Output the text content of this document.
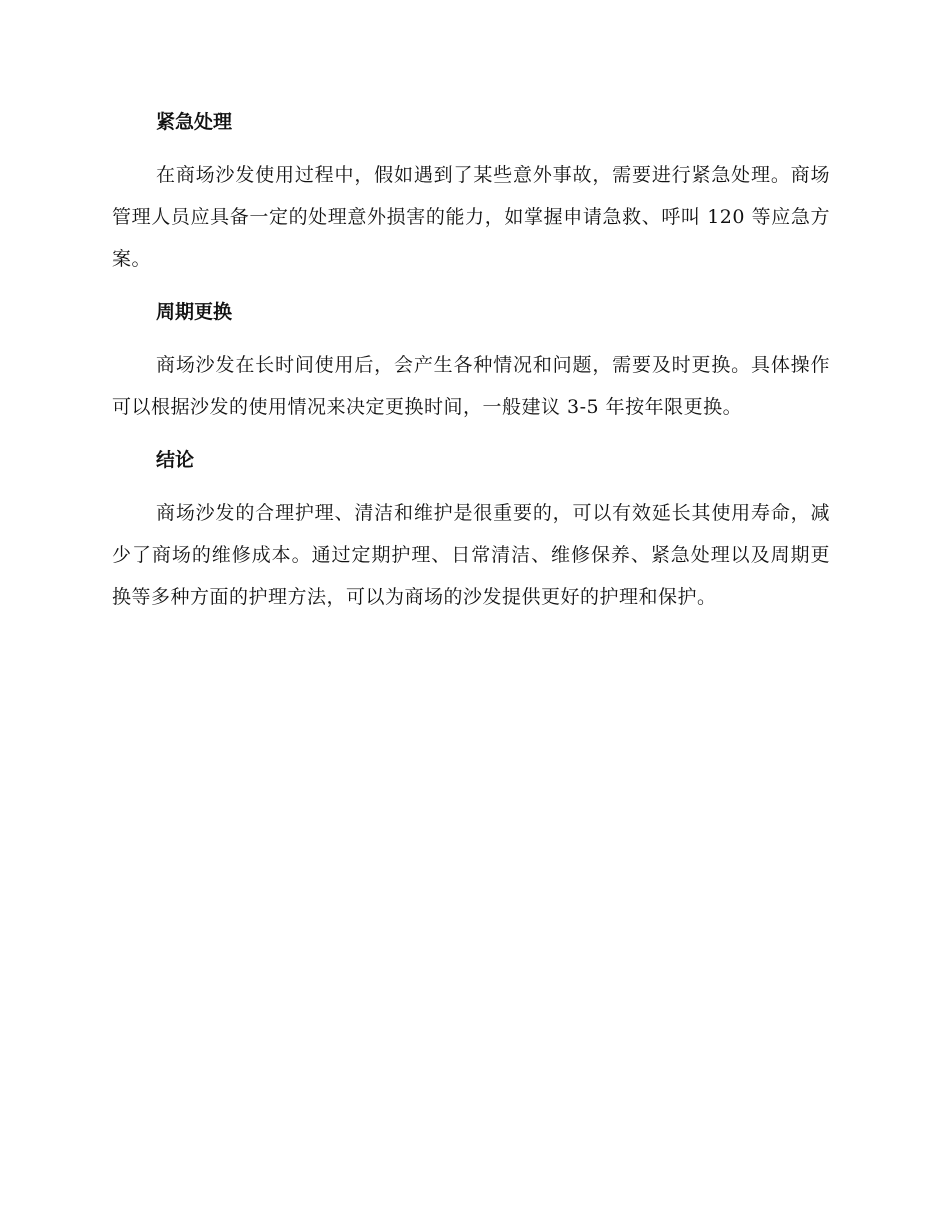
紧急处理

在商场沙发使用过程中，假如遇到了某些意外事故，需要进行紧急处理。商场管理人员应具备一定的处理意外损害的能力，如掌握申请急救、呼叫 120 等应急方案。

周期更换

商场沙发在长时间使用后，会产生各种情况和问题，需要及时更换。具体操作可以根据沙发的使用情况来决定更换时间，一般建议 3-5 年按年限更换。

结论

商场沙发的合理护理、清洁和维护是很重要的，可以有效延长其使用寿命，减少了商场的维修成本。通过定期护理、日常清洁、维修保养、紧急处理以及周期更换等多种方面的护理方法，可以为商场的沙发提供更好的护理和保护。
